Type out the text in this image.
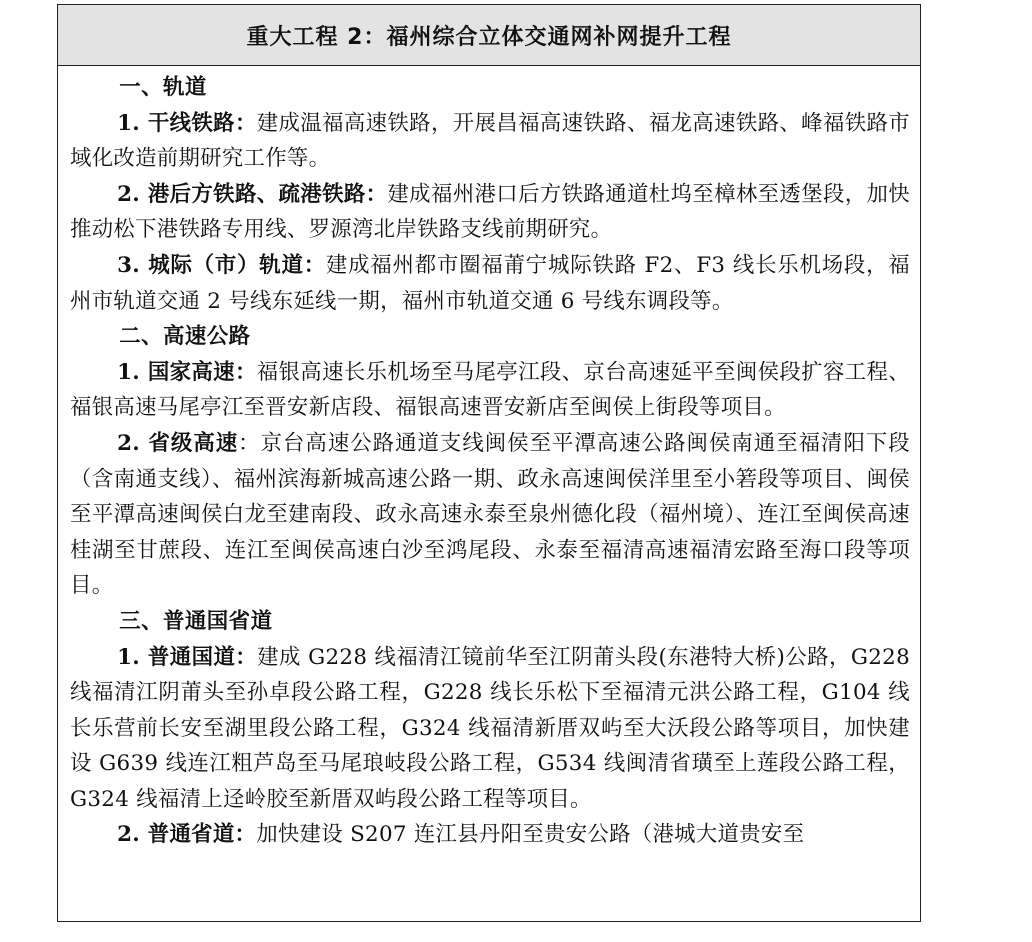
重大工程 2：福州综合立体交通网补网提升工程

一、轨道

1. 干线铁路：建成温福高速铁路，开展昌福高速铁路、福龙高速铁路、峰福铁路市域化改造前期研究工作等。

2. 港后方铁路、疏港铁路：建成福州港口后方铁路通道杜坞至樟林至透堡段，加快推动松下港铁路专用线、罗源湾北岸铁路支线前期研究。

3. 城际（市）轨道：建成福州都市圈福莆宁城际铁路 F2、F3 线长乐机场段，福州市轨道交通 2 号线东延线一期，福州市轨道交通 6 号线东调段等。

二、高速公路

1. 国家高速：福银高速长乐机场至马尾亭江段、京台高速延平至闽侯段扩容工程、福银高速马尾亭江至晋安新店段、福银高速晋安新店至闽侯上街段等项目。

2. 省级高速：京台高速公路通道支线闽侯至平潭高速公路闽侯南通至福清阳下段（含南通支线）、福州滨海新城高速公路一期、政永高速闽侯洋里至小箬段等项目、闽侯至平潭高速闽侯白龙至建南段、政永高速永泰至泉州德化段（福州境）、连江至闽侯高速桂湖至甘蔗段、连江至闽侯高速白沙至鸿尾段、永泰至福清高速福清宏路至海口段等项目。

三、普通国省道

1. 普通国道：建成 G228 线福清江镜前华至江阴莆头段(东港特大桥)公路，G228 线福清江阴莆头至孙卓段公路工程，G228 线长乐松下至福清元洪公路工程，G104 线长乐营前长安至湖里段公路工程，G324 线福清新厝双屿至大沃段公路等项目，加快建设 G639 线连江粗芦岛至马尾琅岐段公路工程，G534 线闽清省璜至上莲段公路工程，G324 线福清上迳岭胶至新厝双屿段公路工程等项目。

2. 普通省道：加快建设 S207 连江县丹阳至贵安公路（港城大道贵安至
